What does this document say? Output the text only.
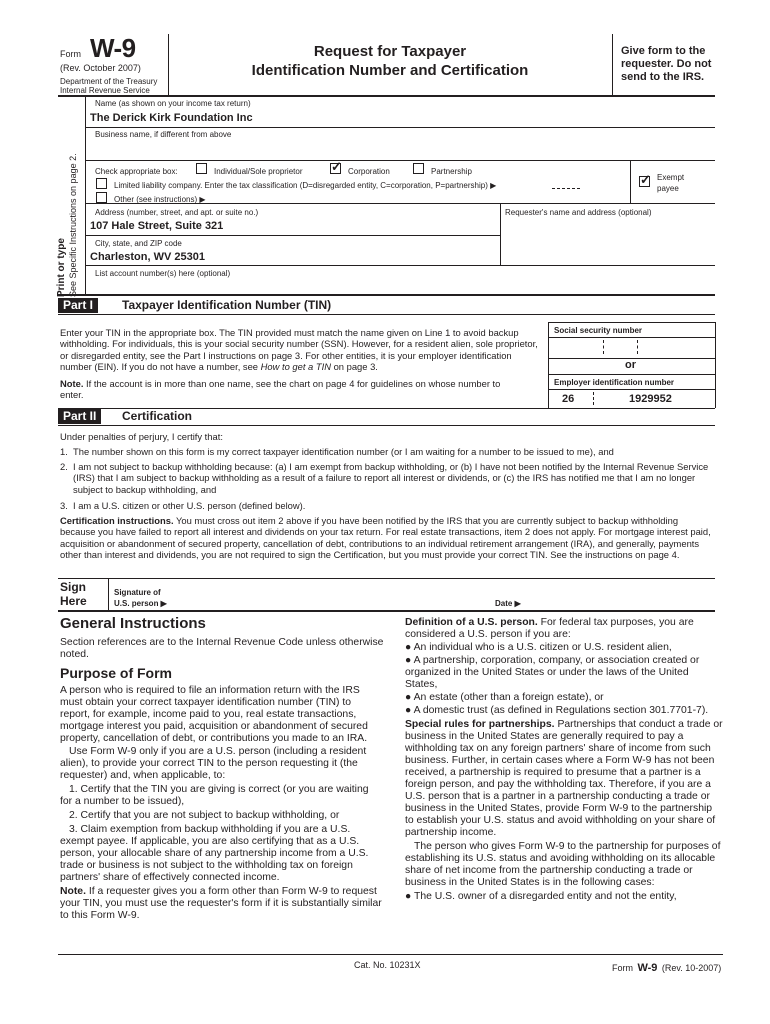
Form W-9
(Rev. October 2007)
Department of the Treasury
Internal Revenue Service
Request for Taxpayer
Identification Number and Certification
Give form to the requester. Do not send to the IRS.
Print or type See Specific Instructions on page 2.
Name (as shown on your income tax return)
The Derick Kirk Foundation Inc
Business name, if different from above
Check appropriate box:	Individual/Sole proprietor ✓ Corporation	Partnership
Limited liability company. Enter the tax classification (D=disregarded entity, C=corporation, P=partnership) ▶
Other (see instructions) ▶
✓ Exempt payee
Address (number, street, and apt. or suite no.)
107 Hale Street, Suite 321
Requester's name and address (optional)
City, state, and ZIP code
Charleston, WV 25301
List account number(s) here (optional)
Part I	Taxpayer Identification Number (TIN)
Enter your TIN in the appropriate box. The TIN provided must match the name given on Line 1 to avoid backup withholding. For individuals, this is your social security number (SSN). However, for a resident alien, sole proprietor, or disregarded entity, see the Part I instructions on page 3. For other entities, it is your employer identification number (EIN). If you do not have a number, see How to get a TIN on page 3.
Note. If the account is in more than one name, see the chart on page 4 for guidelines on whose number to enter.
Social security number
or
Employer identification number
26	1929952
Part II	Certification
Under penalties of perjury, I certify that:
1. The number shown on this form is my correct taxpayer identification number (or I am waiting for a number to be issued to me), and
2. I am not subject to backup withholding because: (a) I am exempt from backup withholding, or (b) I have not been notified by the Internal Revenue Service (IRS) that I am subject to backup withholding as a result of a failure to report all interest or dividends, or (c) the IRS has notified me that I am no longer subject to backup withholding, and
3. I am a U.S. citizen or other U.S. person (defined below).
Certification instructions. You must cross out item 2 above if you have been notified by the IRS that you are currently subject to backup withholding because you have failed to report all interest and dividends on your tax return. For real estate transactions, item 2 does not apply. For mortgage interest paid, acquisition or abandonment of secured property, cancellation of debt, contributions to an individual retirement arrangement (IRA), and generally, payments other than interest and dividends, you are not required to sign the Certification, but you must provide your correct TIN. See the instructions on page 4.
Sign
Here
Signature of
U.S. person ▶	Date ▶
General Instructions
Section references are to the Internal Revenue Code unless otherwise noted.
Purpose of Form

A person who is required to file an information return with the IRS must obtain your correct taxpayer identification number (TIN) to report, for example, income paid to you, real estate transactions, mortgage interest you paid, acquisition or abandonment of secured property, cancellation of debt, or contributions you made to an IRA.

Use Form W-9 only if you are a U.S. person (including a resident alien), to provide your correct TIN to the person requesting it (the requester) and, when applicable, to:

1. Certify that the TIN you are giving is correct (or you are waiting for a number to be issued),

2. Certify that you are not subject to backup withholding, or

3. Claim exemption from backup withholding if you are a U.S. exempt payee. If applicable, you are also certifying that as a U.S. person, your allocable share of any partnership income from a U.S. trade or business is not subject to the withholding tax on foreign partners' share of effectively connected income.

Note. If a requester gives you a form other than Form W-9 to request your TIN, you must use the requester's form if it is substantially similar to this Form W-9.

Definition of a U.S. person. For federal tax purposes, you are considered a U.S. person if you are:

● An individual who is a U.S. citizen or U.S. resident alien,

● A partnership, corporation, company, or association created or organized in the United States or under the laws of the United States,

● An estate (other than a foreign estate), or

● A domestic trust (as defined in Regulations section 301.7701-7).

Special rules for partnerships. Partnerships that conduct a trade or business in the United States are generally required to pay a withholding tax on any foreign partners' share of income from such business. Further, in certain cases where a Form W-9 has not been received, a partnership is required to presume that a partner is a foreign person, and pay the withholding tax. Therefore, if you are a U.S. person that is a partner in a partnership conducting a trade or business in the United States, provide Form W-9 to the partnership to establish your U.S. status and avoid withholding on your share of partnership income.

The person who gives Form W-9 to the partnership for purposes of establishing its U.S. status and avoiding withholding on its allocable share of net income from the partnership conducting a trade or business in the United States is in the following cases:

● The U.S. owner of a disregarded entity and not the entity,

Cat. No. 10231X	Form W-9 (Rev. 10-2007)
